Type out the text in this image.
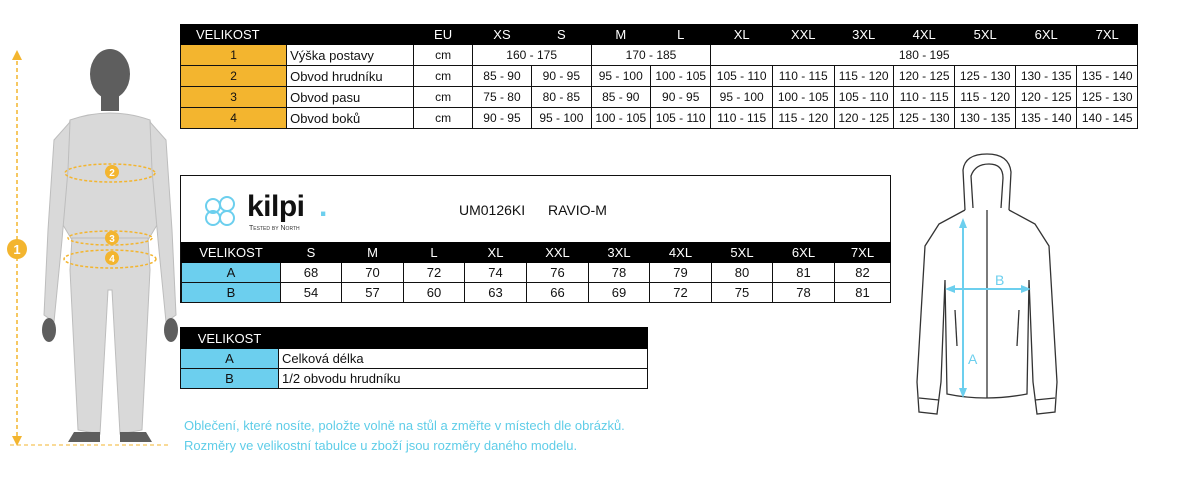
1
2
3
4
VELIKOST		EU	XS	S	M	L	XL	XXL	3XL	4XL	5XL	6XL	7XL
1	Výška postavy	cm	160 - 175		170 - 185		180 - 195						
2	Obvod hrudníku	cm	85 - 90	90 - 95	95 - 100	100 - 105	105 - 110	110 - 115	115 - 120	120 - 125	125 - 130	130 - 135	135 - 140
3	Obvod pasu	cm	75 - 80	80 - 85	85 - 90	90 - 95	95 - 100	100 - 105	105 - 110	110 - 115	115 - 120	120 - 125	125 - 130
4	Obvod boků	cm	90 - 95	95 - 100	100 - 105	105 - 110	110 - 115	115 - 120	120 - 125	125 - 130	130 - 135	135 - 140	140 - 145
kilpi .
Tested by North
UM0126KI RAVIO-M
VELIKOST	S	M	L	XL	XXL	3XL	4XL	5XL	6XL	7XL
A	68	70	72	74	76	78	79	80	81	82
B	54	57	60	63	66	69	72	75	78	81
VELIKOST	
A	Celková délka
B	1/2 obvodu hrudníku
Oblečení, které nosíte, položte volně na stůl a změřte v místech dle obrázků.
Rozměry ve velikostní tabulce u zboží jsou rozměry daného modelu.
A
B
